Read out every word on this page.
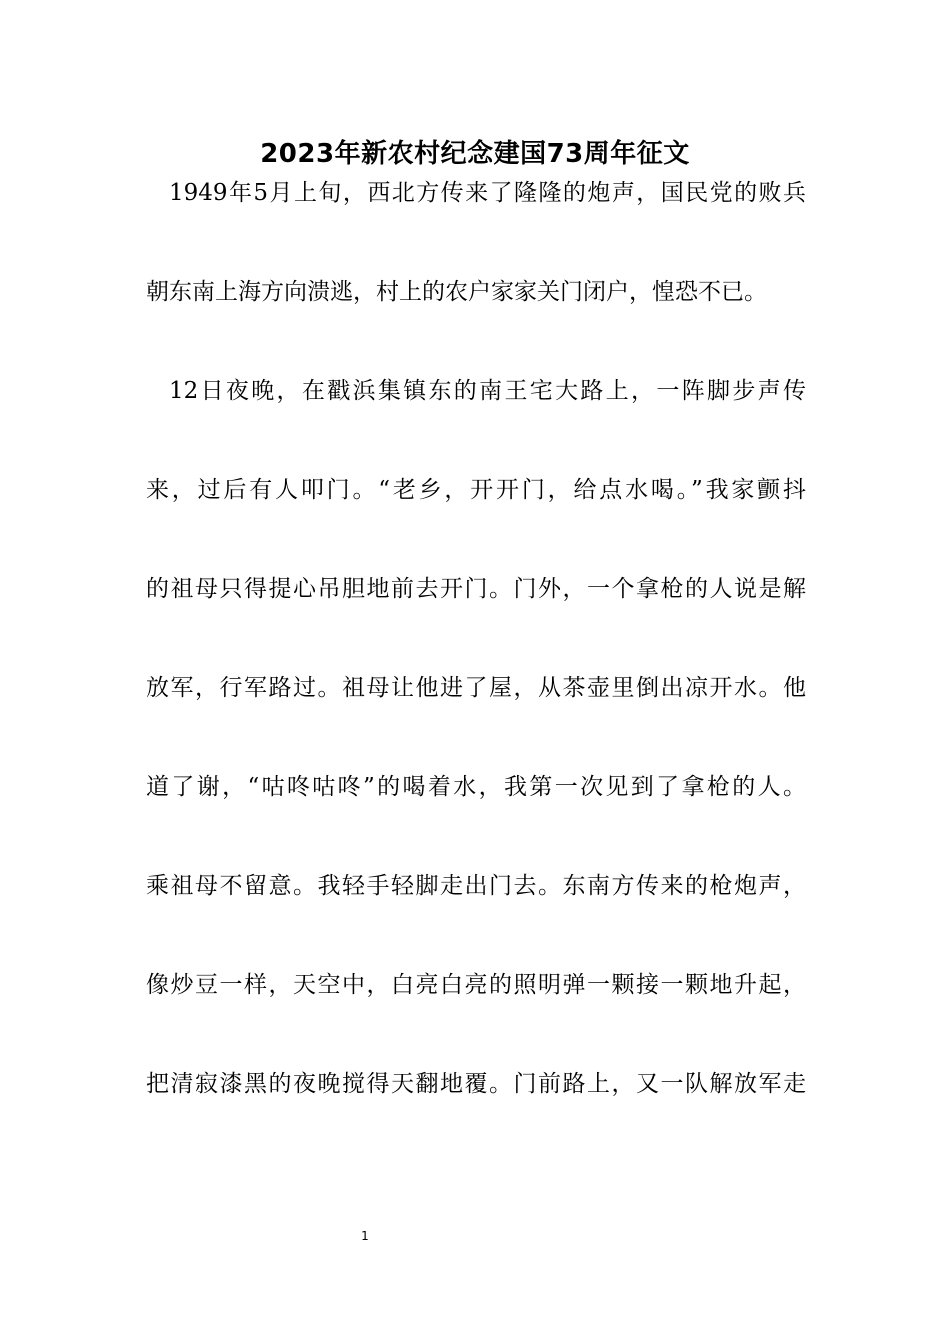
2023年新农村纪念建国73周年征文
1949年5月上旬，西北方传来了隆隆的炮声，国民党的败兵
朝东南上海方向溃逃，村上的农户家家关门闭户，惶恐不已。
12日夜晚，在戳浜集镇东的南王宅大路上，一阵脚步声传
来，过后有人叩门。“老乡，开开门，给点水喝。”我家颤抖
的祖母只得提心吊胆地前去开门。门外，一个拿枪的人说是解
放军，行军路过。祖母让他进了屋，从茶壶里倒出凉开水。他
道了谢，“咕咚咕咚”的喝着水，我第一次见到了拿枪的人。
乘祖母不留意。我轻手轻脚走出门去。东南方传来的枪炮声，
像炒豆一样，天空中，白亮白亮的照明弹一颗接一颗地升起，
把清寂漆黑的夜晚搅得天翻地覆。门前路上，又一队解放军走
1
